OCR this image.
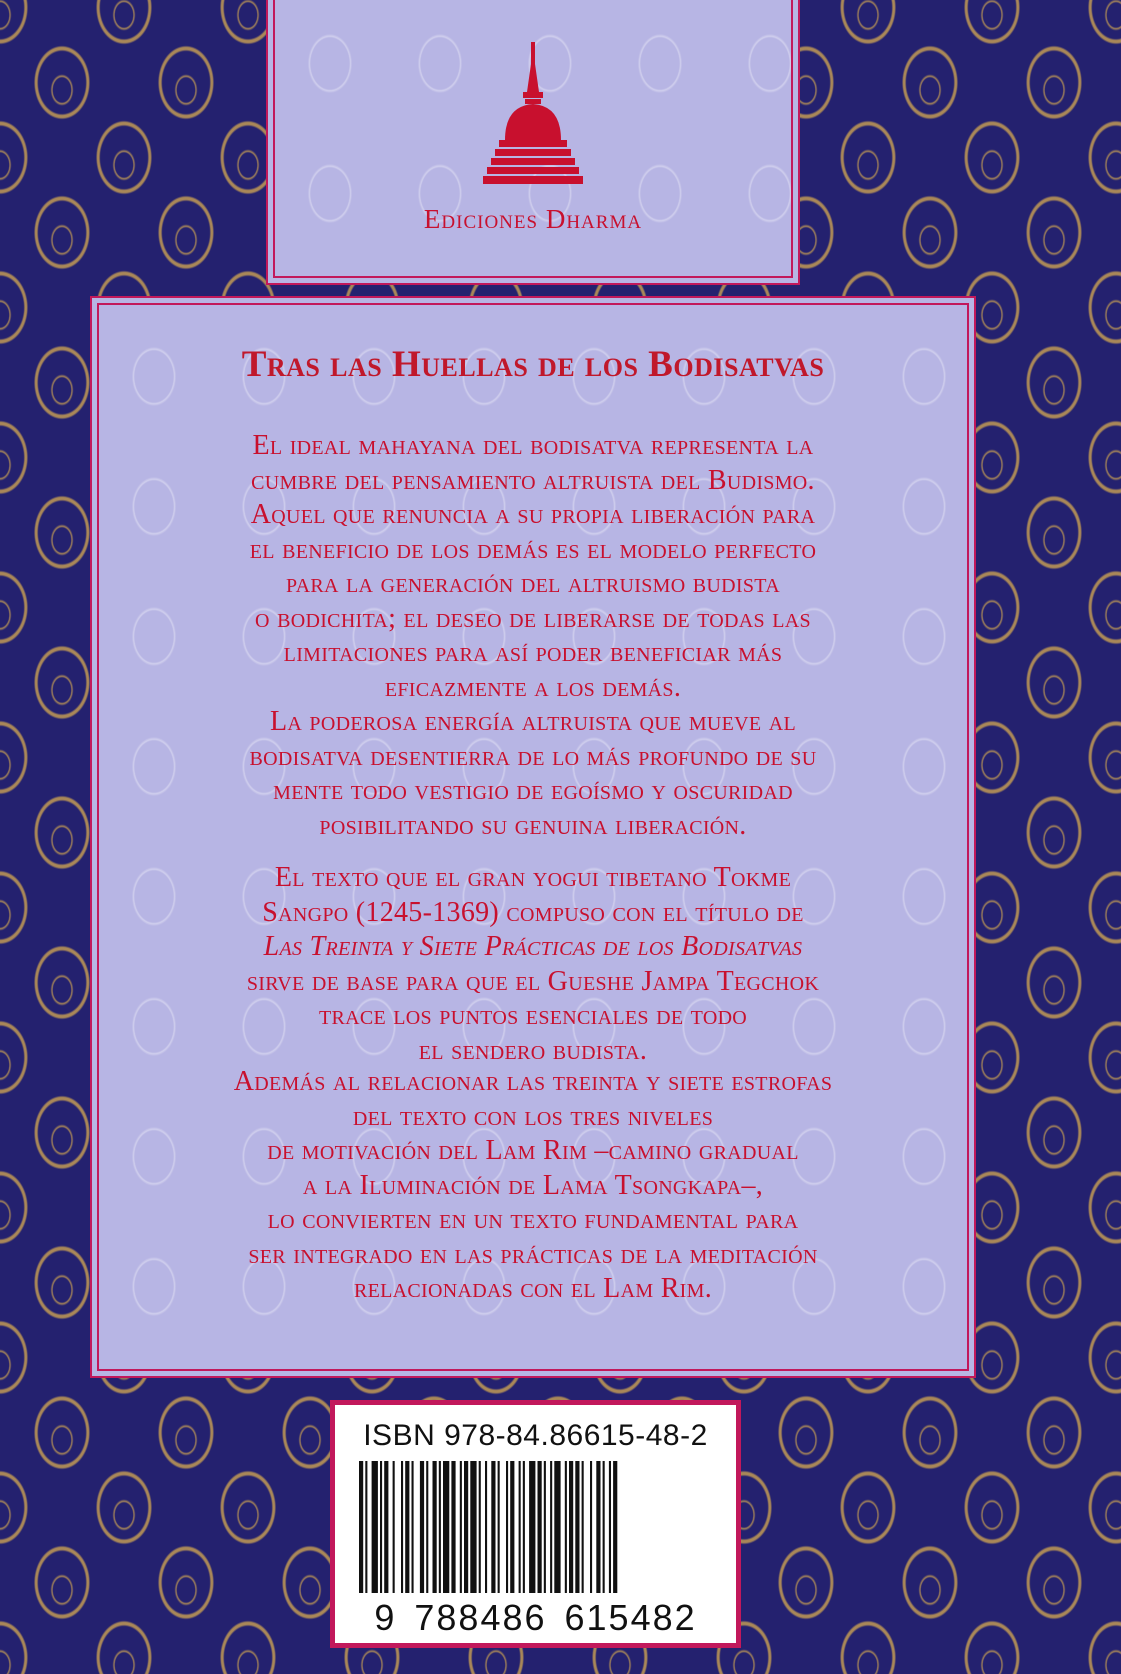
Ediciones Dharma
Tras las Huellas de los Bodisatvas
El ideal mahayana del bodisatva representa la
cumbre del pensamiento altruista del Budismo.
Aquel que renuncia a su propia liberación para
el beneficio de los demás es el modelo perfecto
para la generación del altruismo budista
o bodichita; el deseo de liberarse de todas las
limitaciones para así poder beneficiar más
eficazmente a los demás.
La poderosa energía altruista que mueve al
bodisatva desentierra de lo más profundo de su
mente todo vestigio de egoísmo y oscuridad
posibilitando su genuina liberación.
El texto que el gran yogui tibetano Tokme
Sangpo (1245-1369) compuso con el título de
Las Treinta y Siete Prácticas de los Bodisatvas
sirve de base para que el Gueshe Jampa Tegchok
trace los puntos esenciales de todo
el sendero budista.
Además al relacionar las treinta y siete estrofas
del texto con los tres niveles
de motivación del Lam Rim –camino gradual
a la Iluminación de Lama Tsongkapa–,
lo convierten en un texto fundamental para
ser integrado en las prácticas de la meditación
relacionadas con el Lam Rim.
ISBN 978-84.86615-48-2
9 788486 615482
